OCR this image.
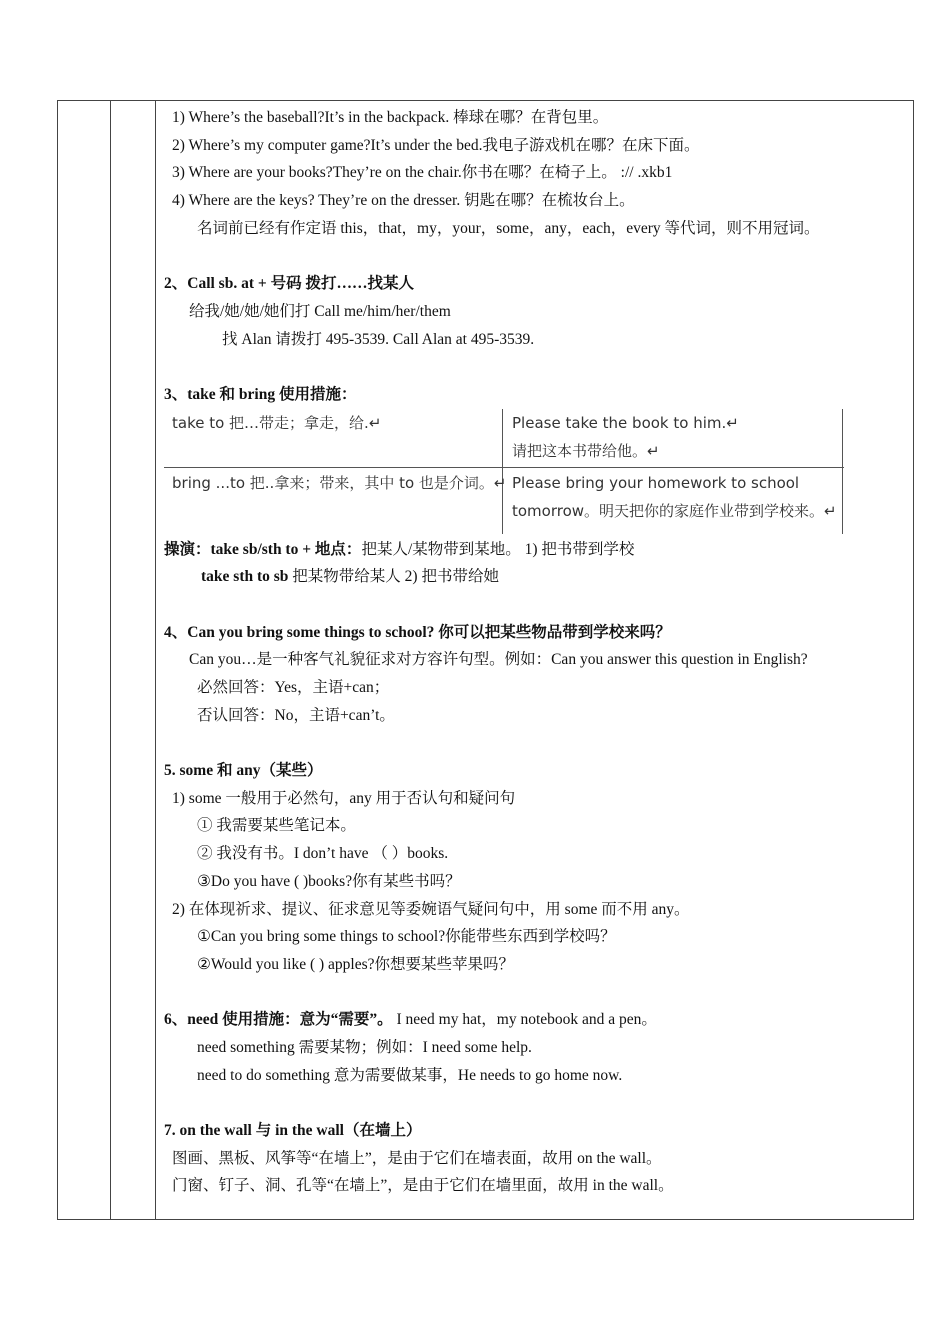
1) Where’s the baseball?It’s in the backpack. 棒球在哪？在背包里。
2) Where’s my computer game?It’s under the bed.我电子游戏机在哪？在床下面。
3) Where are your books?They’re on the chair.你书在哪？在椅子上。 :// .xkb1
4) Where are the keys? They’re on the dresser. 钥匙在哪？在梳妆台上。
名词前已经有作定语 this，that，my，your，some，any，each，every 等代词，则不用冠词。
2、Call sb. at + 号码 拨打……找某人
给我/她/她/她们打 Call me/him/her/them
找 Alan 请拨打 495-3539. Call Alan at 495-3539.
3、take 和 bring 使用措施：
take to 把…带走；拿走，给.↵	Please take the book to him.↵
请把这本书带给他。↵
bring ...to 把..拿来；带来，其中 to 也是介词。↵ Please bring your homework to school
tomorrow。明天把你的家庭作业带到学校来。↵
操演：take sb/sth to + 地点：把某人/某物带到某地。 1) 把书带到学校
take sth to sb 把某物带给某人 2) 把书带给她
4、Can you bring some things to school? 你可以把某些物品带到学校来吗？
Can you…是一种客气礼貌征求对方容许句型。例如：Can you answer this question in English?
必然回答：Yes，主语+can；
否认回答：No，主语+can’t。
5. some 和 any（某些）
1) some 一般用于必然句，any 用于否认句和疑问句
① 我需要某些笔记本。
② 我没有书。I don’t have （ ）books.
③Do you have ( )books?你有某些书吗？
2) 在体现祈求、提议、征求意见等委婉语气疑问句中，用 some 而不用 any。
①Can you bring some things to school?你能带些东西到学校吗？
②Would you like ( ) apples?你想要某些苹果吗？
6、need 使用措施：意为“需要”。 I need my hat，my notebook and a pen。
need something 需要某物；例如：I need some help.
need to do something 意为需要做某事，He needs to go home now.
7. on the wall 与 in the wall（在墙上）
图画、黑板、风筝等“在墙上”，是由于它们在墙表面，故用 on the wall。
门窗、钉子、洞、孔等“在墙上”，是由于它们在墙里面，故用 in the wall。
